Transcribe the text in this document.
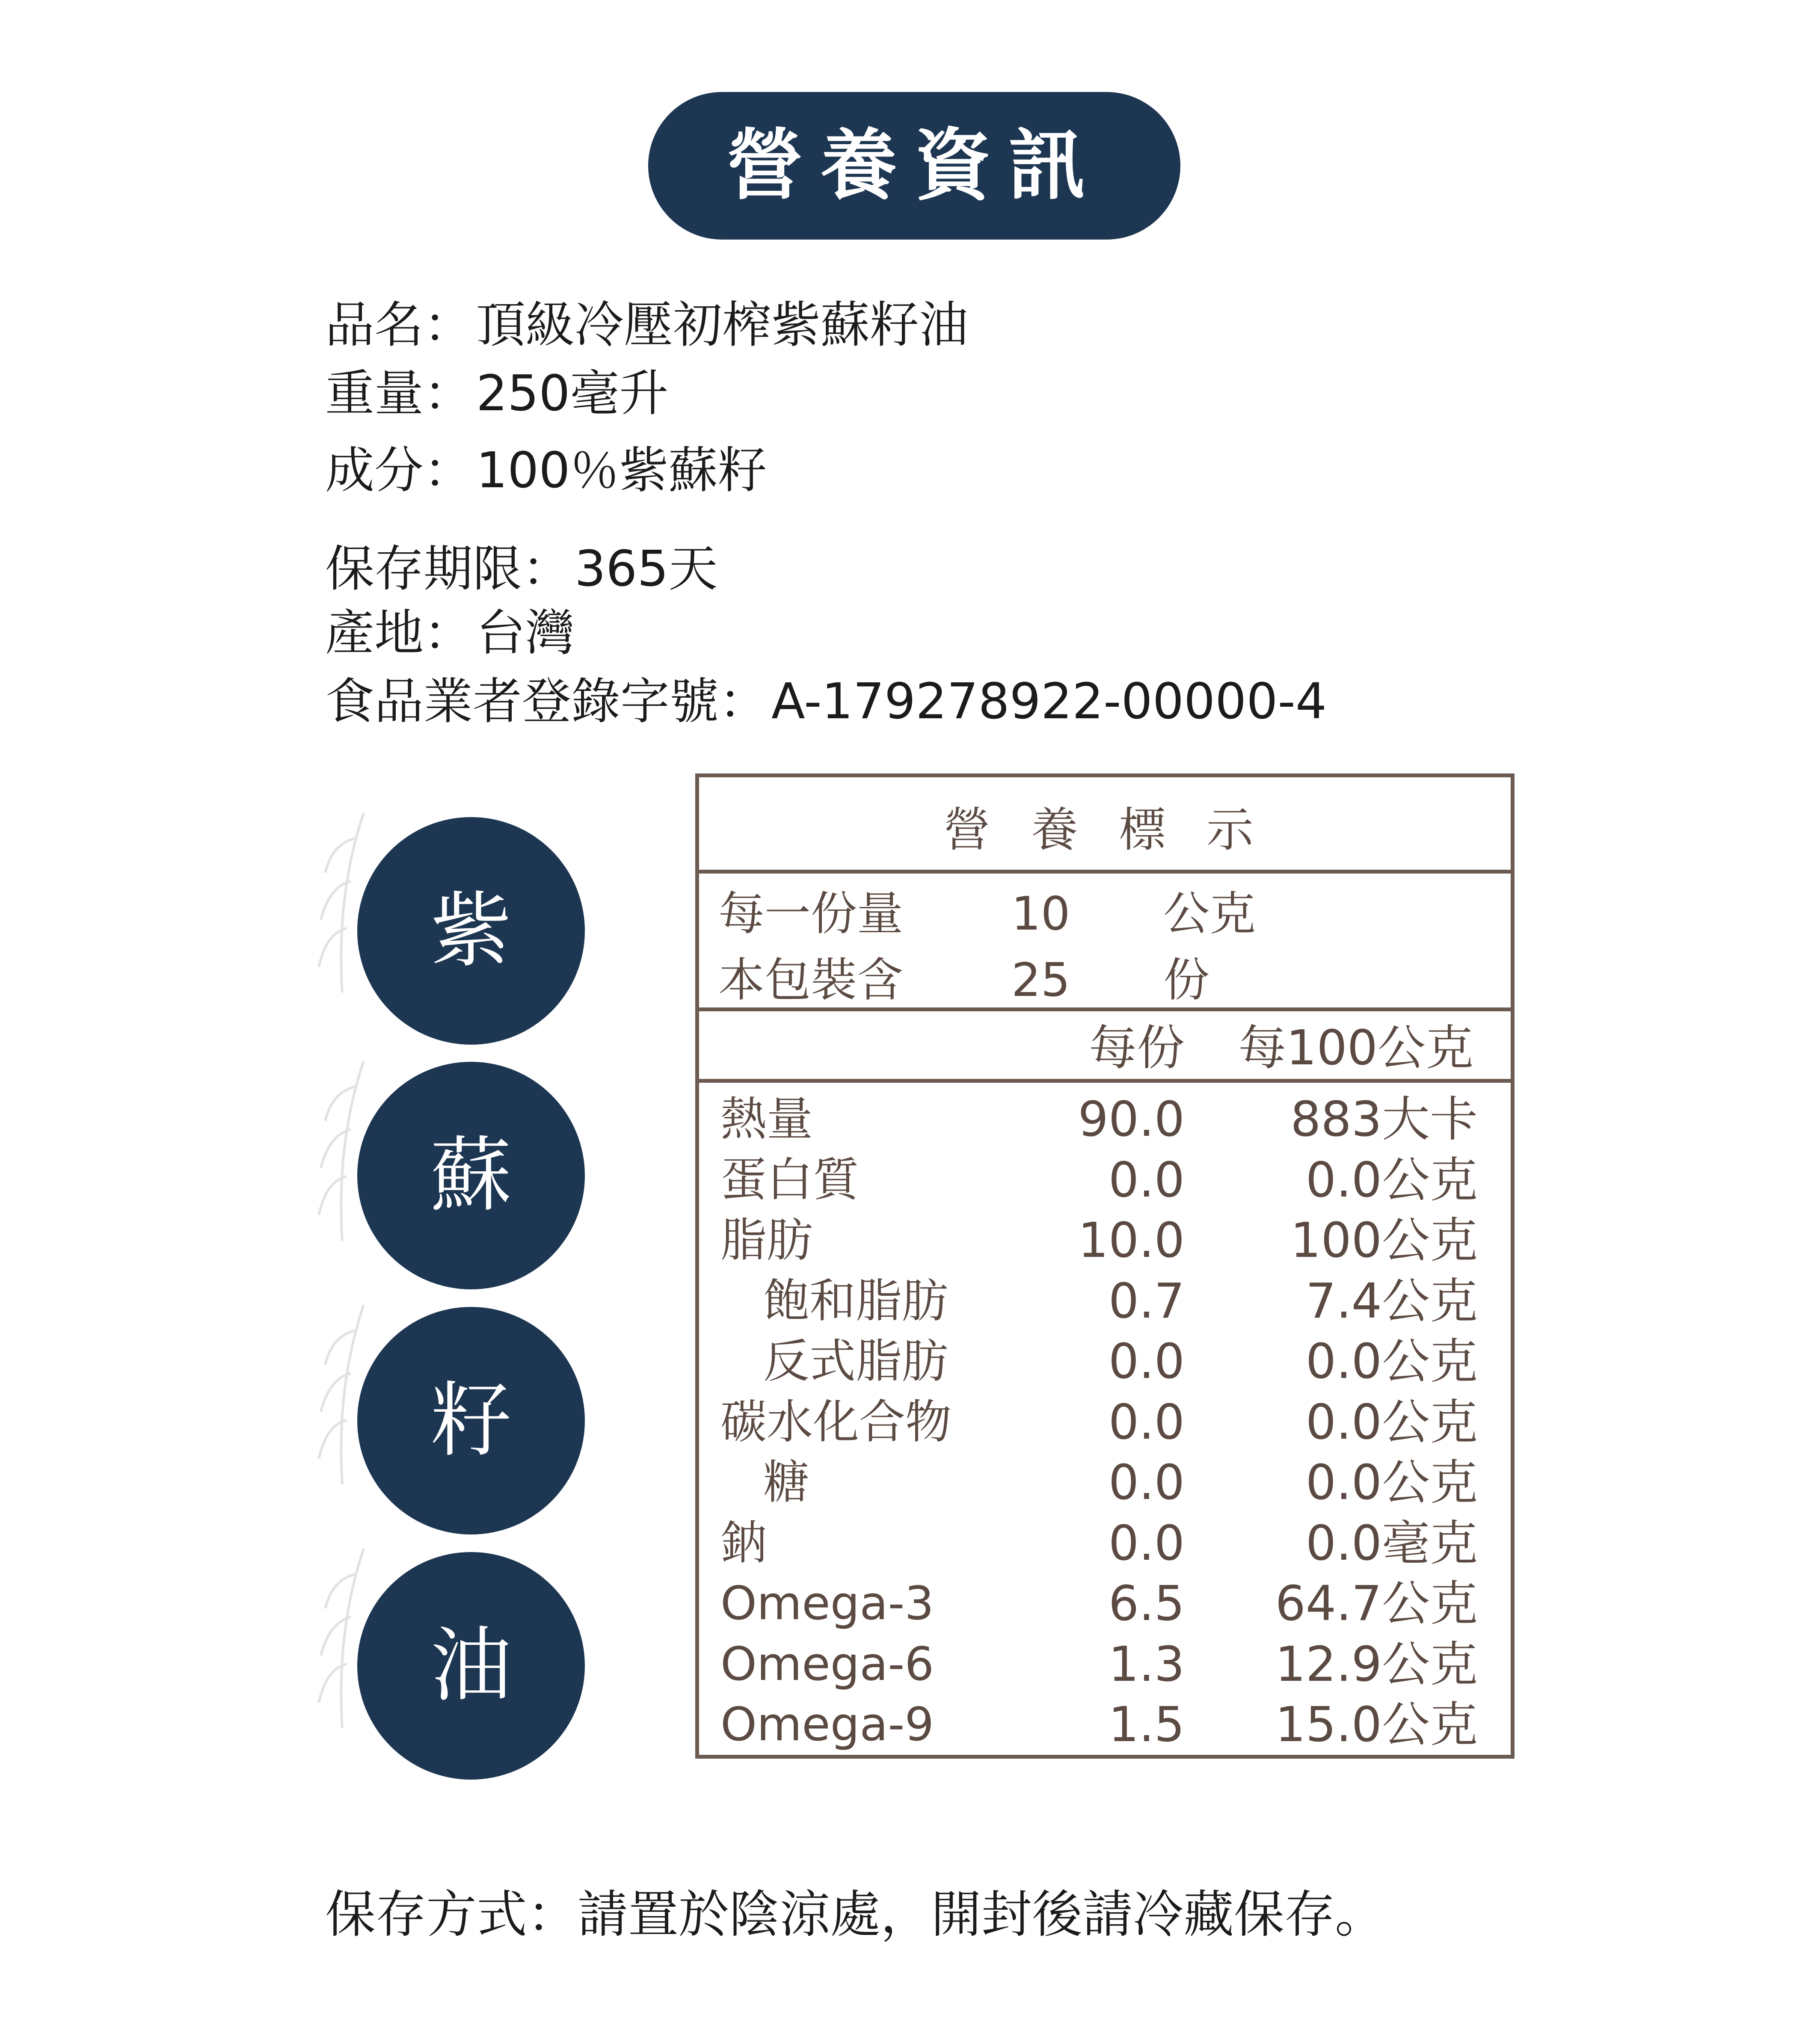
營養資訊
品名：頂級冷壓初榨紫蘇籽油
重量：250毫升
成分：100％紫蘇籽
保存期限：365天
產地：台灣
食品業者登錄字號：A-179278922-00000-4
紫
蘇
籽
油
營 養 標 示
每一份量 10 公克
本包裝含 25 份
每份 每100公克
熱量	90.0	883大卡
蛋白質	0.0	0.0公克
脂肪	10.0	100公克
飽和脂肪	0.7	7.4公克
反式脂肪	0.0	0.0公克
碳水化合物	0.0	0.0公克
糖	0.0	0.0公克
鈉	0.0	0.0毫克
Omega-3	6.5	64.7公克
Omega-6	1.3	12.9公克
Omega-9	1.5	15.0公克
保存方式：請置於陰涼處，開封後請冷藏保存。
